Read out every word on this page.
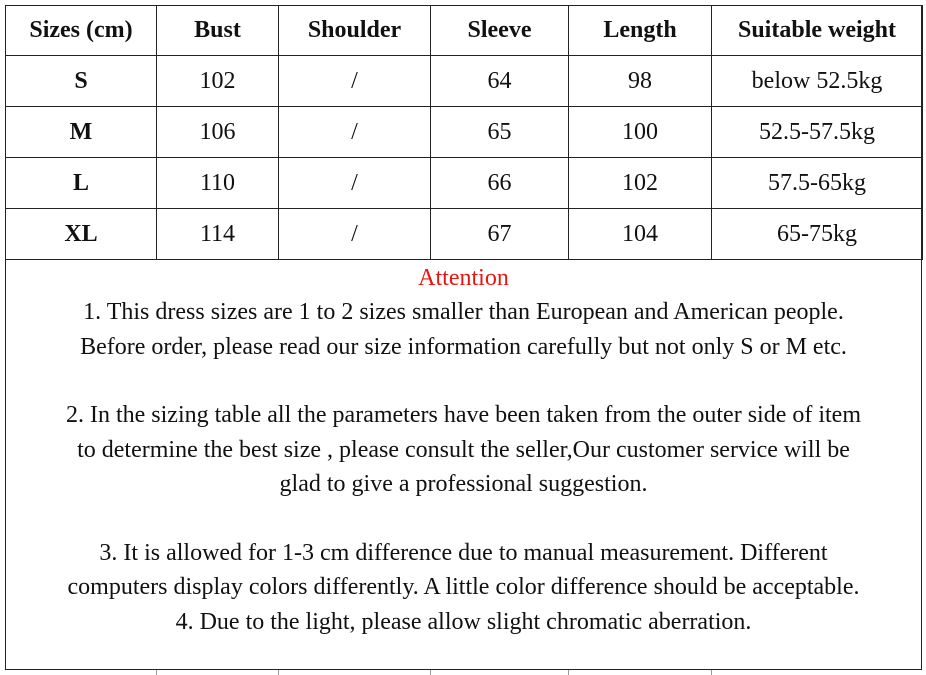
Sizes (cm)	Bust	Shoulder	Sleeve	Length	Suitable weight
S	102	/	64	98	below 52.5kg
M	106	/	65	100	52.5-57.5kg
L	110	/	66	102	57.5-65kg
XL	114	/	67	104	65-75kg
Attention

1. This dress sizes are 1 to 2 sizes smaller than European and American people.

Before order, please read our size information carefully but not only S or M etc.

2. In the sizing table all the parameters have been taken from the outer side of item

to determine the best size , please consult the seller,Our customer service will be

glad to give a professional suggestion.

3. It is allowed for 1-3 cm difference due to manual measurement. Different

computers display colors differently. A little color difference should be acceptable.

4. Due to the light, please allow slight chromatic aberration.
